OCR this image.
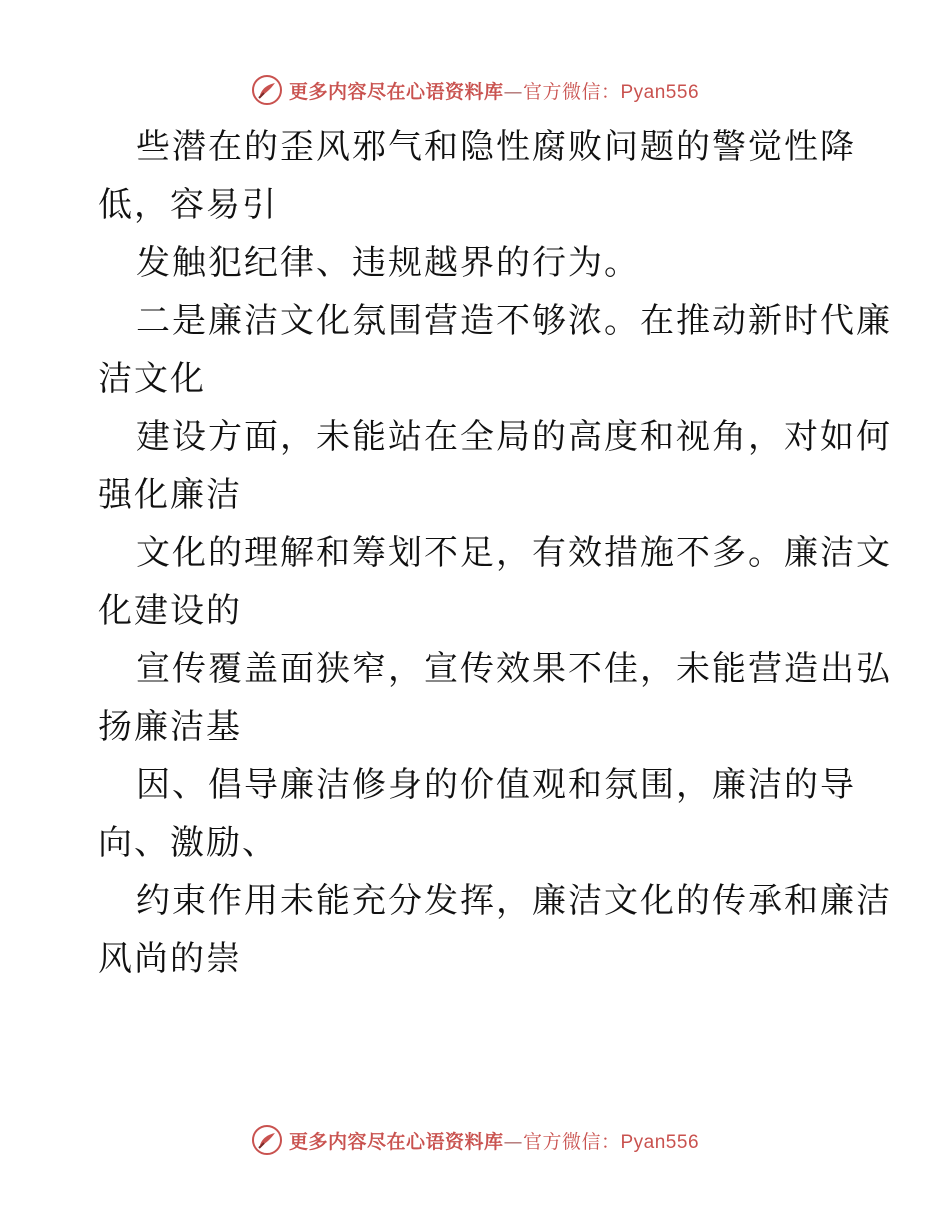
更多内容尽在心语资料库—官方微信：Pyan556
些潜在的歪风邪气和隐性腐败问题的警觉性降
低，容易引
发触犯纪律、违规越界的行为。
二是廉洁文化氛围营造不够浓。在推动新时代廉
洁文化
建设方面，未能站在全局的高度和视角，对如何
强化廉洁
文化的理解和筹划不足，有效措施不多。廉洁文
化建设的
宣传覆盖面狭窄，宣传效果不佳，未能营造出弘
扬廉洁基
因、倡导廉洁修身的价值观和氛围，廉洁的导
向、激励、
约束作用未能充分发挥，廉洁文化的传承和廉洁
风尚的崇
更多内容尽在心语资料库—官方微信：Pyan556
